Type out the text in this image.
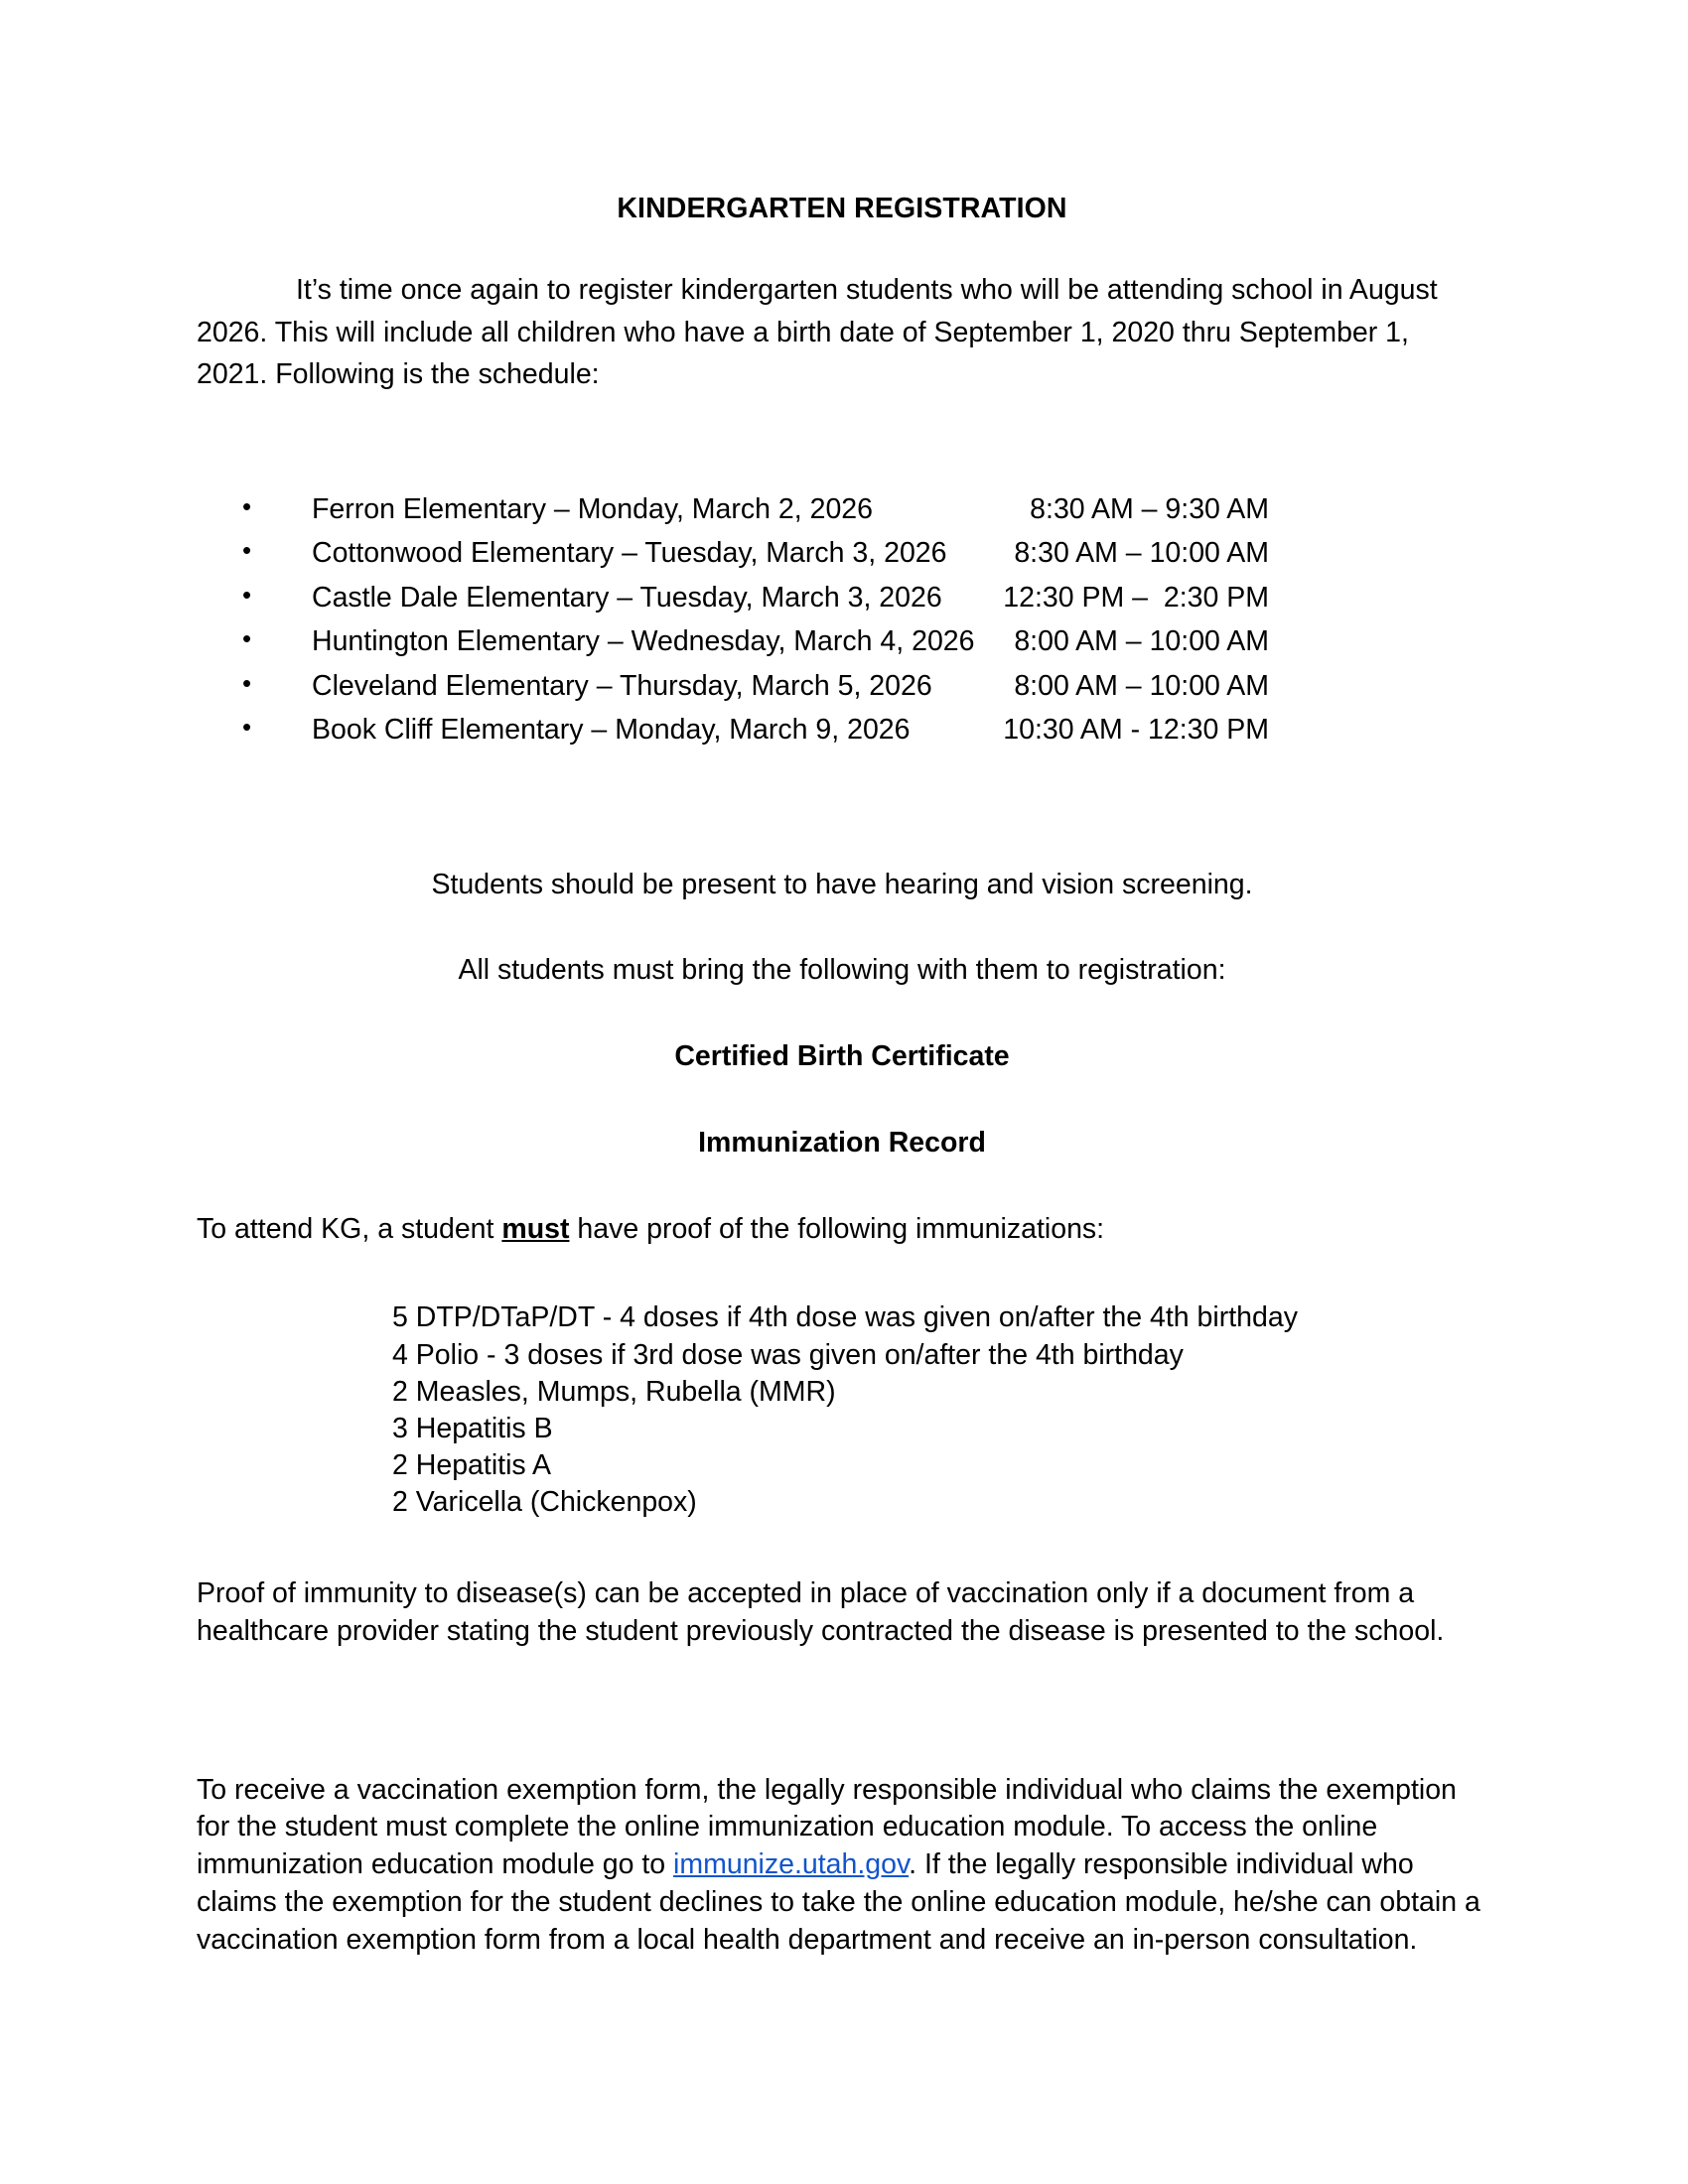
KINDERGARTEN REGISTRATION

It’s time once again to register kindergarten students who will be attending school in August 2026. This will include all children who have a birth date of September 1, 2020 thru September 1, 2021. Following is the schedule:

• Ferron Elementary – Monday, March 2, 2026	8:30 AM – 9:30 AM
• Cottonwood Elementary – Tuesday, March 3, 2026	8:30 AM – 10:00 AM
• Castle Dale Elementary – Tuesday, March 3, 2026	12:30 PM –  2:30 PM
• Huntington Elementary – Wednesday, March 4, 2026	8:00 AM – 10:00 AM
• Cleveland Elementary – Thursday, March 5, 2026	8:00 AM – 10:00 AM
• Book Cliff Elementary – Monday, March 9, 2026	10:30 AM - 12:30 PM

Students should be present to have hearing and vision screening.

All students must bring the following with them to registration:

Certified Birth Certificate

Immunization Record

To attend KG, a student must have proof of the following immunizations:

5 DTP/DTaP/DT - 4 doses if 4th dose was given on/after the 4th birthday
4 Polio - 3 doses if 3rd dose was given on/after the 4th birthday
2 Measles, Mumps, Rubella (MMR)
3 Hepatitis B
2 Hepatitis A
2 Varicella (Chickenpox)

Proof of immunity to disease(s) can be accepted in place of vaccination only if a document from a healthcare provider stating the student previously contracted the disease is presented to the school.

To receive a vaccination exemption form, the legally responsible individual who claims the exemption for the student must complete the online immunization education module. To access the online immunization education module go to immunize.utah.gov. If the legally responsible individual who claims the exemption for the student declines to take the online education module, he/she can obtain a vaccination exemption form from a local health department and receive an in-person consultation.
